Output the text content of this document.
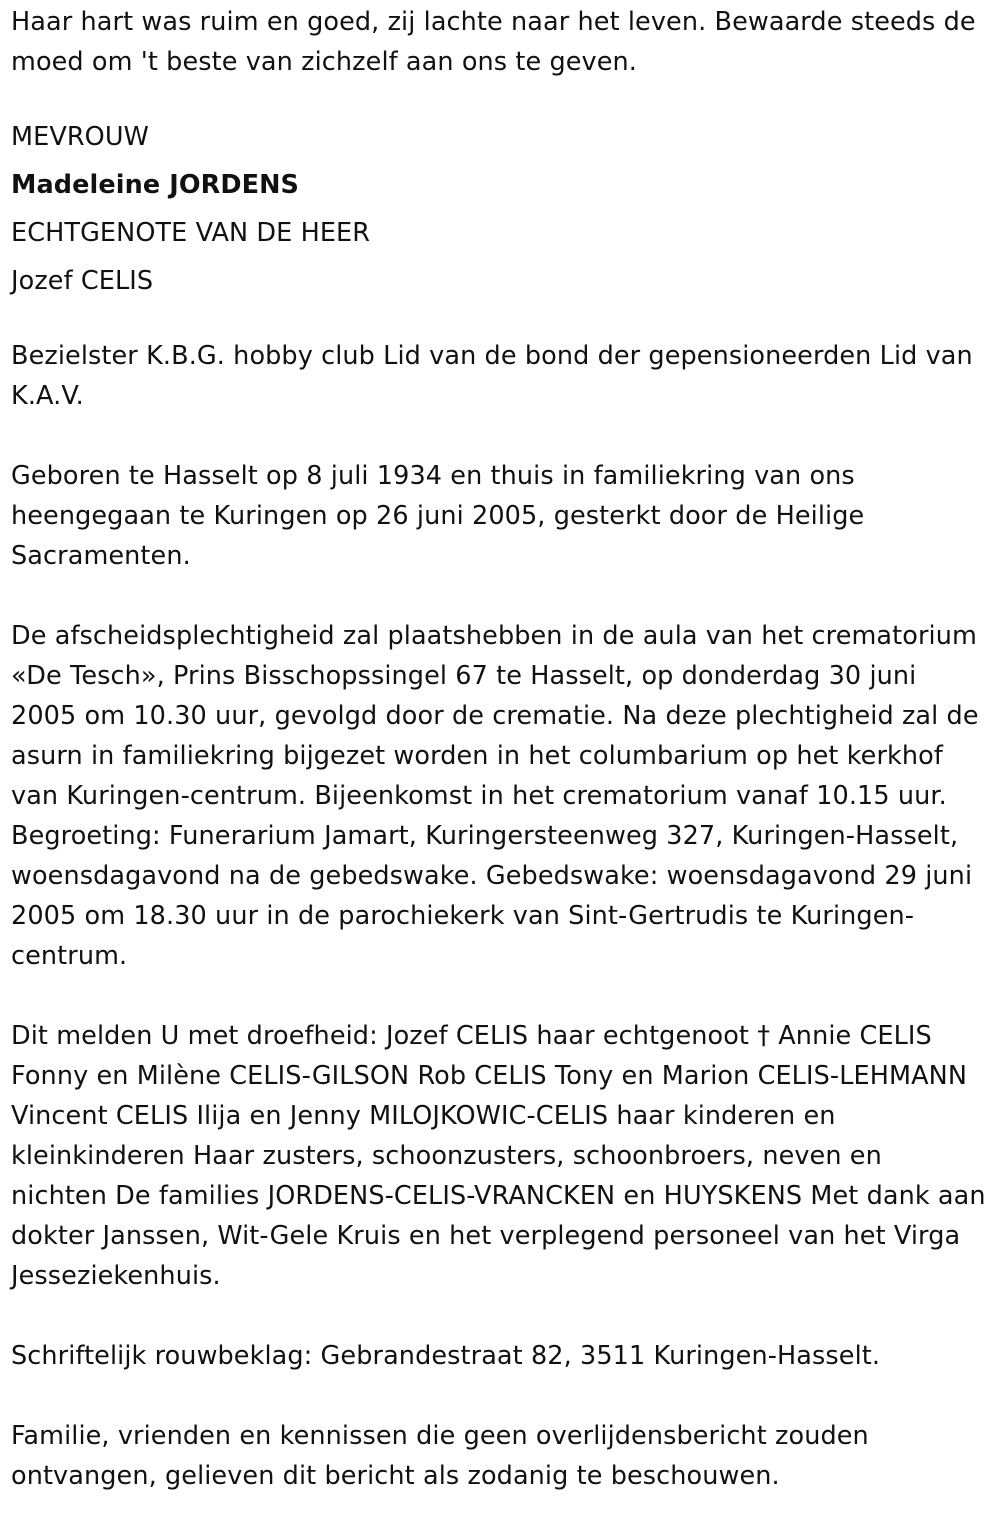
Haar hart was ruim en goed, zij lachte naar het leven. Bewaarde steeds de moed om 't beste van zichzelf aan ons te geven.

MEVROUW

Madeleine JORDENS

ECHTGENOTE VAN DE HEER

Jozef CELIS

Bezielster K.B.G. hobby club Lid van de bond der gepensioneerden Lid van K.A.V.

Geboren te Hasselt op 8 juli 1934 en thuis in familiekring van ons heengegaan te Kuringen op 26 juni 2005, gesterkt door de Heilige Sacramenten.

De afscheidsplechtigheid zal plaatshebben in de aula van het crematorium «De Tesch», Prins Bisschopssingel 67 te Hasselt, op donderdag 30 juni 2005 om 10.30 uur, gevolgd door de crematie. Na deze plechtigheid zal de asurn in familiekring bijgezet worden in het columbarium op het kerkhof van Kuringen-centrum. Bijeenkomst in het crematorium vanaf 10.15 uur. Begroeting: Funerarium Jamart, Kuringersteenweg 327, Kuringen-Hasselt, woensdagavond na de gebedswake. Gebedswake: woensdagavond 29 juni 2005 om 18.30 uur in de parochiekerk van Sint-Gertrudis te Kuringen-centrum.

Dit melden U met droefheid: Jozef CELIS haar echtgenoot † Annie CELIS Fonny en Milène CELIS-GILSON Rob CELIS Tony en Marion CELIS-LEHMANN Vincent CELIS Ilija en Jenny MILOJKOWIC-CELIS haar kinderen en kleinkinderen Haar zusters, schoonzusters, schoonbroers, neven en nichten De families JORDENS-CELIS-VRANCKEN en HUYSKENS Met dank aan dokter Janssen, Wit-Gele Kruis en het verplegend personeel van het Virga Jesseziekenhuis.

Schriftelijk rouwbeklag: Gebrandestraat 82, 3511 Kuringen-Hasselt.

Familie, vrienden en kennissen die geen overlijdensbericht zouden ontvangen, gelieven dit bericht als zodanig te beschouwen.
